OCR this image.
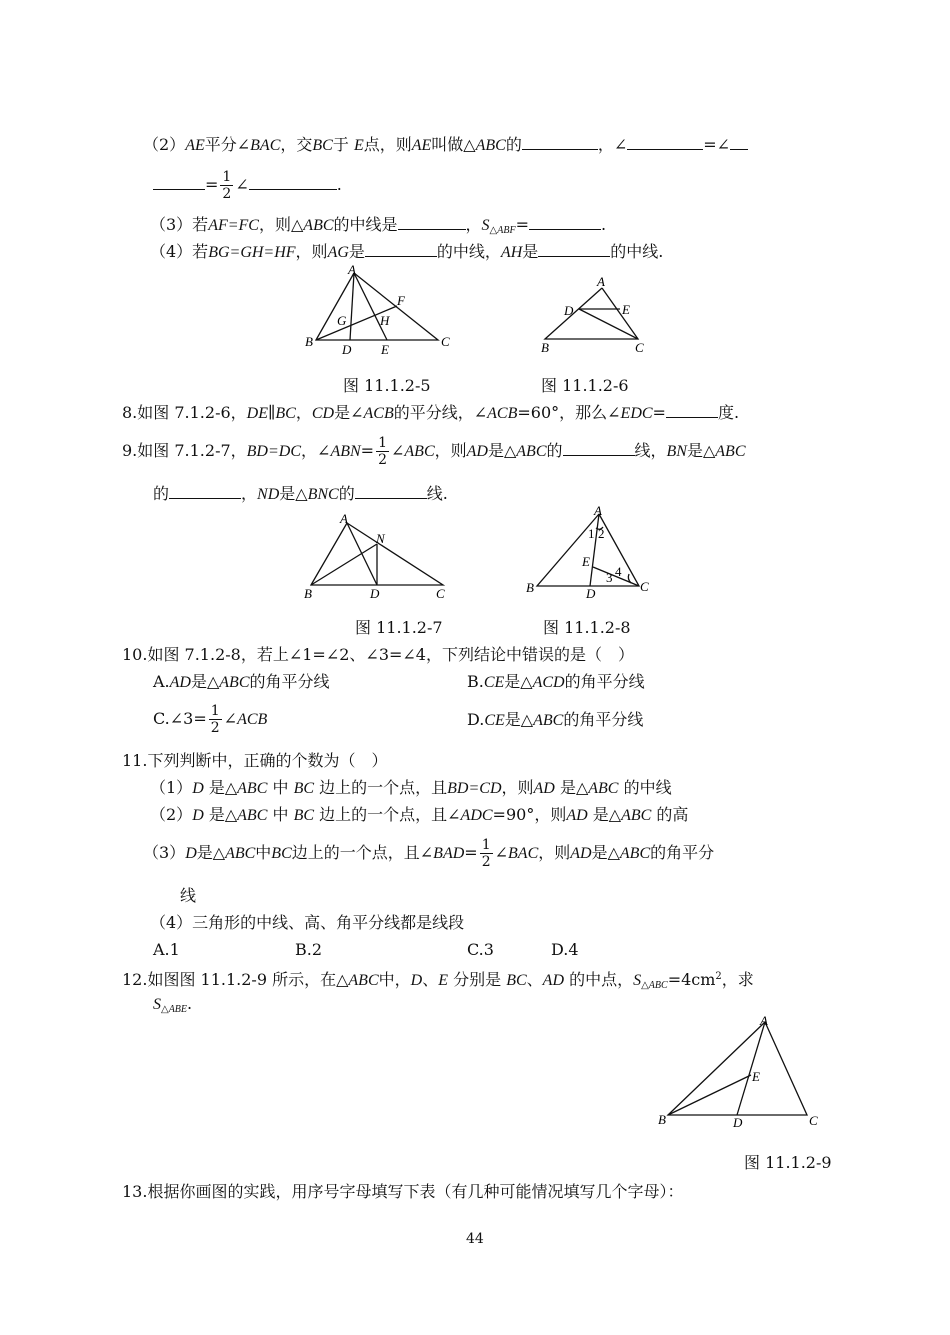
（2）AE平分∠BAC，交BC于 E点，则AE叫做△ABC的	，∠	=∠
= $\frac{1}{2}$ ∠	.
（3）若AF=FC，则△ABC的中线是	，$S_{\triangle ABF}=$	.
（4）若BG=GH=HF，则AG是	的中线，AH是	的中线.
A
B	C
D E
F
G	H
A
B	C
D	E
图 11.1.2-5	图 11.1.2-6
8.如图 7.1.2-6，DE∥BC，CD是∠ACB的平分线，∠ACB=60°，那么∠EDC=	度.
9.如图 7.1.2-7，BD=DC，∠ABN= $\frac{1}{2}$ ∠ABC，则AD是△ABC的	线，BN是△ABC
的	，ND是△BNC的	线.
A
B	C
D
N
A
B	C
D
E
1 2
3 4
图 11.1.2-7	图 11.1.2-8
10.如图 7.1.2-8，若上∠1=∠2、∠3=∠4，下列结论中错误的是（　）
A.AD是△ABC的角平分线	B.CE是△ACD的角平分线
C.∠3= $\frac{1}{2}$ ∠ACB	D.CE是△ABC的角平分线
11.下列判断中，正确的个数为（　）
（1）D 是△ABC 中 BC 边上的一个点，且BD=CD，则AD 是△ABC 的中线
（2）D 是△ABC 中 BC 边上的一个点，且∠ADC=90°，则AD 是△ABC 的高
（3）D是△ABC中BC边上的一个点，且∠BAD= $\frac{1}{2}$ ∠BAC，则AD是△ABC的角平分
线
（4）三角形的中线、高、角平分线都是线段
A.1	B.2	C.3	D.4
12.如图图 11.1.2-9 所示，在△ABC中，D、E 分别是 BC、AD 的中点，$S_{\triangle ABC}=4cm^2$，求
$S_{\triangle ABE}$.
A
B	C
D
E
图 11.1.2-9
13.根据你画图的实践，用序号字母填写下表（有几种可能情况填写几个字母）：
44
